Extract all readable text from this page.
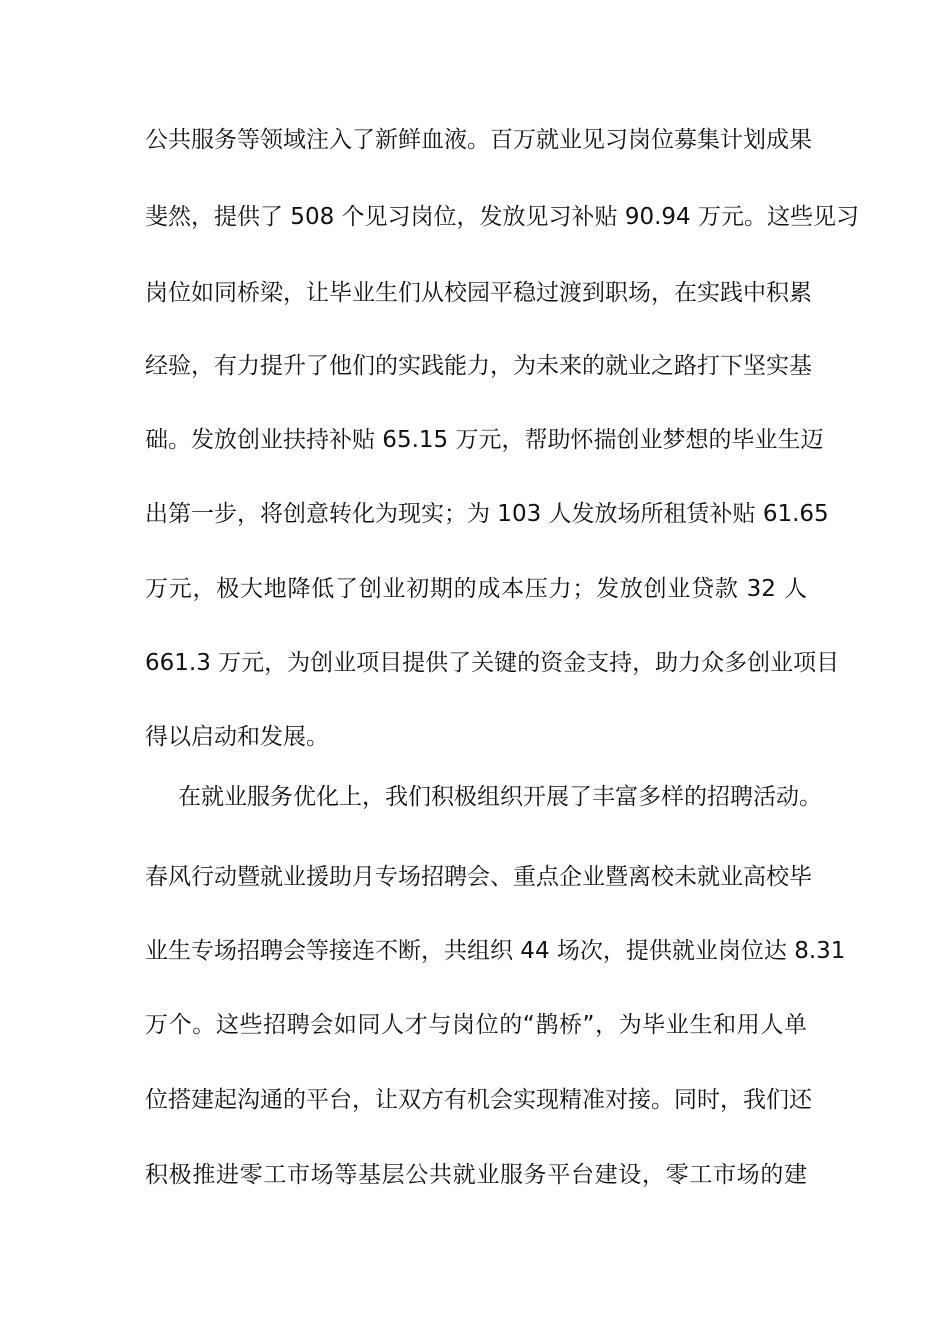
公共服务等领域注入了新鲜血液。百万就业见习岗位募集计划成果
斐然，提供了 508 个见习岗位，发放见习补贴 90.94 万元。这些见习
岗位如同桥梁，让毕业生们从校园平稳过渡到职场，在实践中积累
经验，有力提升了他们的实践能力，为未来的就业之路打下坚实基
础。发放创业扶持补贴 65.15 万元，帮助怀揣创业梦想的毕业生迈
出第一步，将创意转化为现实；为 103 人发放场所租赁补贴 61.65
万元，极大地降低了创业初期的成本压力；发放创业贷款 32 人
661.3 万元，为创业项目提供了关键的资金支持，助力众多创业项目
得以启动和发展。
在就业服务优化上，我们积极组织开展了丰富多样的招聘活动。
春风行动暨就业援助月专场招聘会、重点企业暨离校未就业高校毕
业生专场招聘会等接连不断，共组织 44 场次，提供就业岗位达 8.31
万个。这些招聘会如同人才与岗位的“鹊桥”，为毕业生和用人单
位搭建起沟通的平台，让双方有机会实现精准对接。同时，我们还
积极推进零工市场等基层公共就业服务平台建设，零工市场的建
